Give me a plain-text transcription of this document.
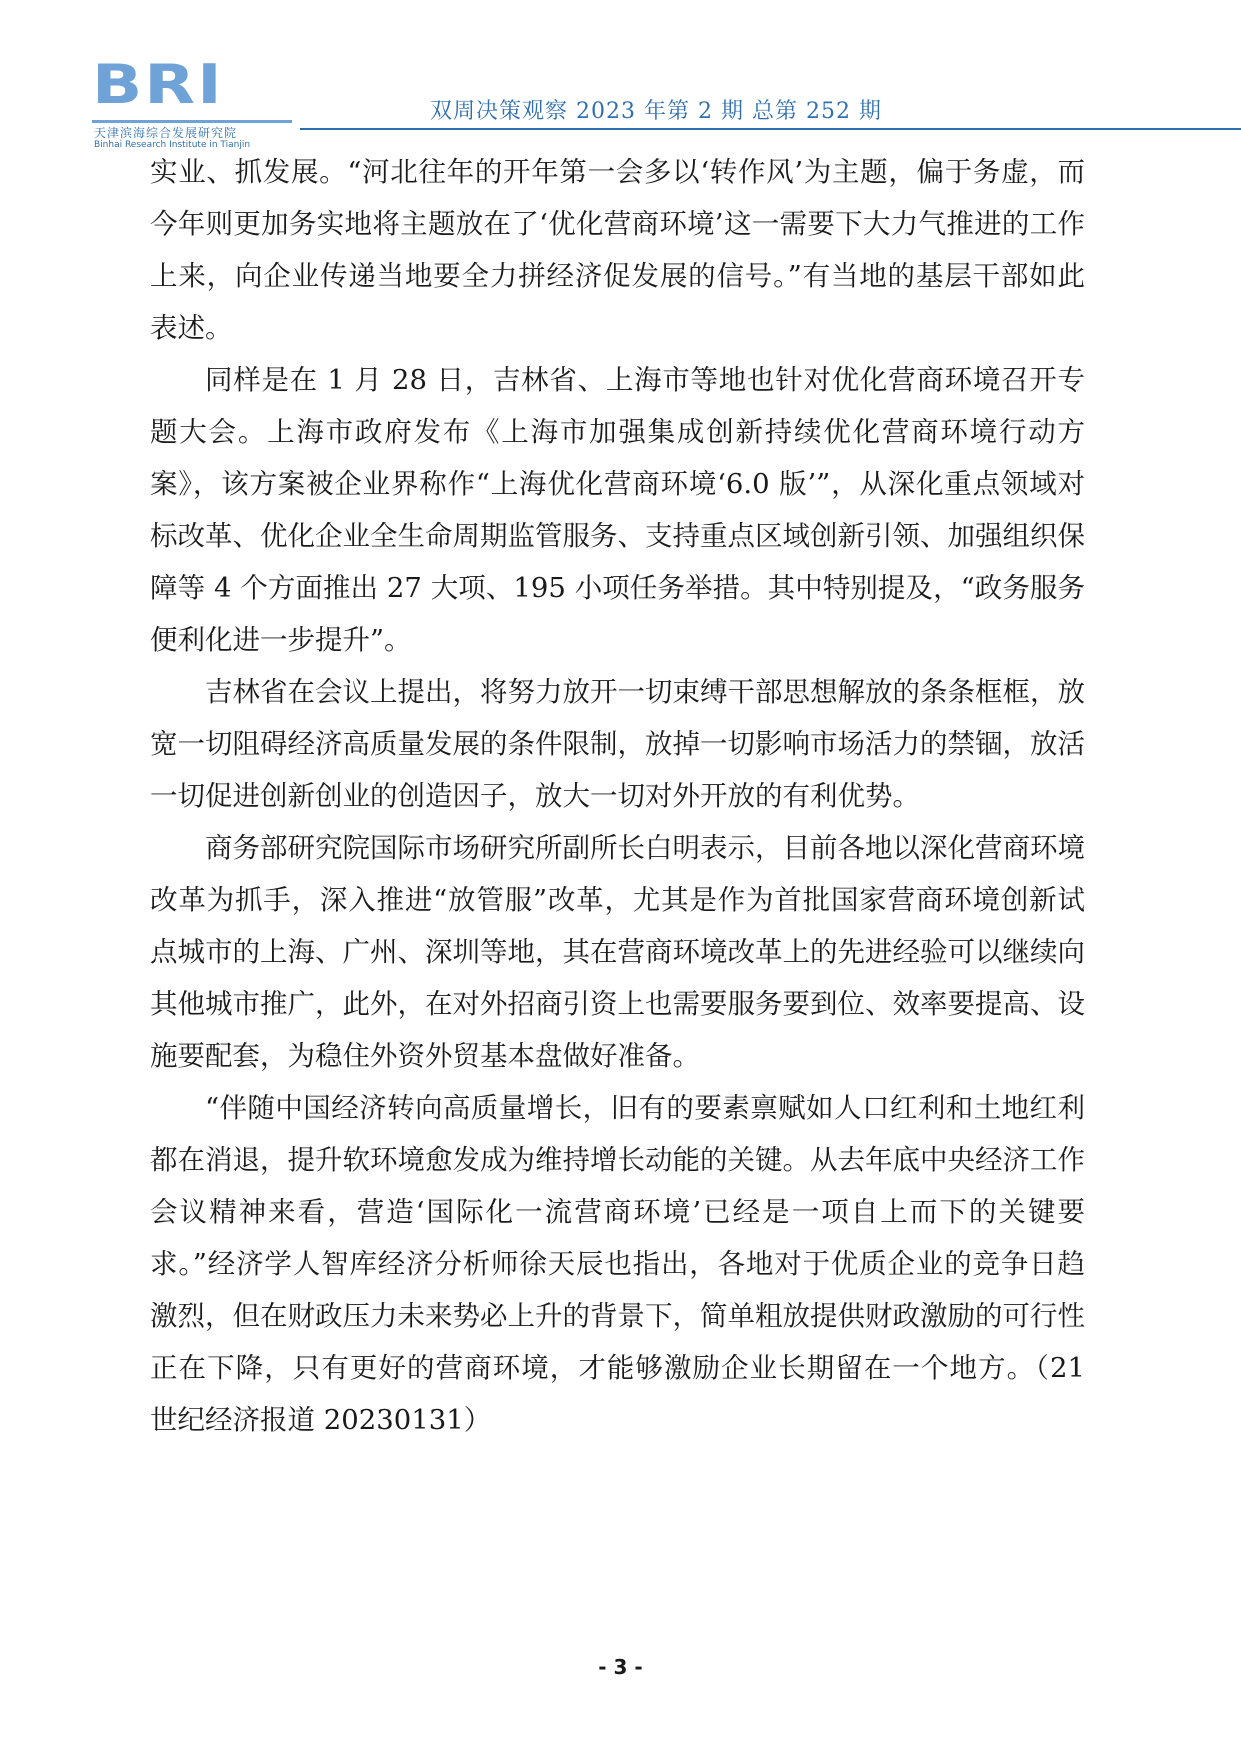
BRI
天津滨海综合发展研究院
Binhai Research Institute in Tianjin
双周决策观察 2023 年第 2 期 总第 252 期

实业、抓发展。“河北往年的开年第一会多以‘转作风’为主题，偏于务虚，而今年则更加务实地将主题放在了‘优化营商环境’这一需要下大力气推进的工作上来，向企业传递当地要全力拼经济促发展的信号。”有当地的基层干部如此表述。

同样是在 1 月 28 日，吉林省、上海市等地也针对优化营商环境召开专题大会。上海市政府发布《上海市加强集成创新持续优化营商环境行动方案》，该方案被企业界称作“上海优化营商环境‘6.0 版’”，从深化重点领域对标改革、优化企业全生命周期监管服务、支持重点区域创新引领、加强组织保障等 4 个方面推出 27 大项、195 小项任务举措。其中特别提及，“政务服务便利化进一步提升”。

吉林省在会议上提出，将努力放开一切束缚干部思想解放的条条框框，放宽一切阻碍经济高质量发展的条件限制，放掉一切影响市场活力的禁锢，放活一切促进创新创业的创造因子，放大一切对外开放的有利优势。

商务部研究院国际市场研究所副所长白明表示，目前各地以深化营商环境改革为抓手，深入推进“放管服”改革，尤其是作为首批国家营商环境创新试点城市的上海、广州、深圳等地，其在营商环境改革上的先进经验可以继续向其他城市推广，此外，在对外招商引资上也需要服务要到位、效率要提高、设施要配套，为稳住外资外贸基本盘做好准备。

“伴随中国经济转向高质量增长，旧有的要素禀赋如人口红利和土地红利都在消退，提升软环境愈发成为维持增长动能的关键。从去年底中央经济工作会议精神来看，营造‘国际化一流营商环境’已经是一项自上而下的关键要求。”经济学人智库经济分析师徐天辰也指出，各地对于优质企业的竞争日趋激烈，但在财政压力未来势必上升的背景下，简单粗放提供财政激励的可行性正在下降，只有更好的营商环境，才能够激励企业长期留在一个地方。（21 世纪经济报道 20230131）

- 3 -
